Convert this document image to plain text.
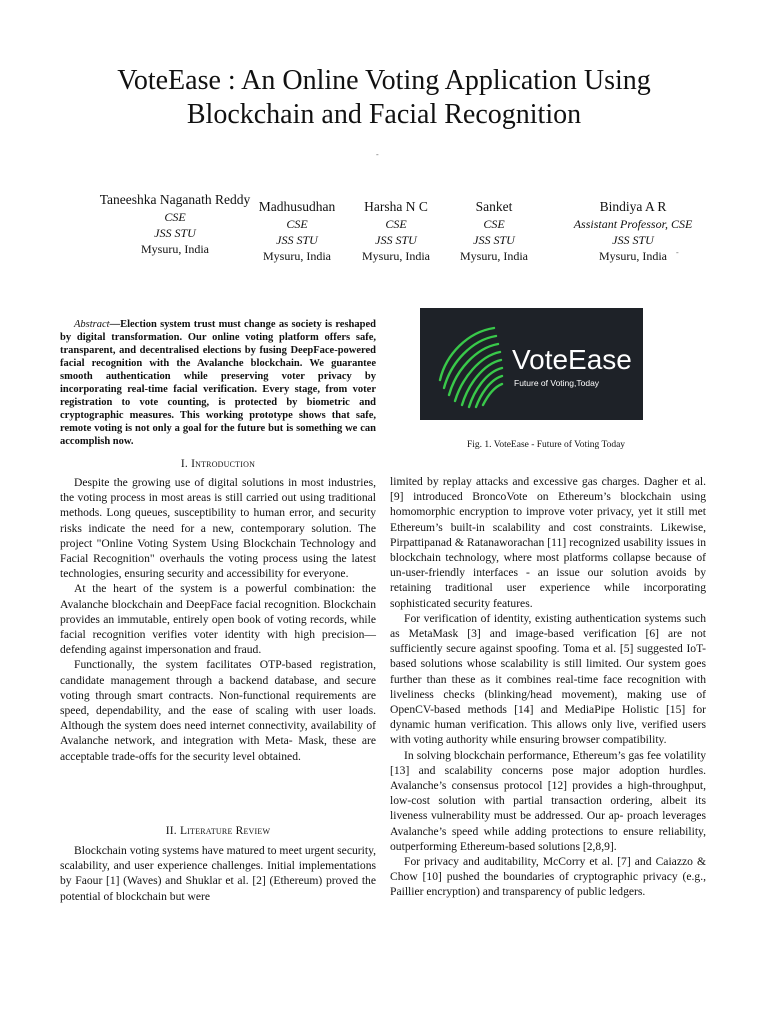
VoteEase : An Online Voting Application Using
Blockchain and Facial Recognition
-
Taneeshka Naganath Reddy
CSE
JSS STU
Mysuru, India
Madhusudhan
CSE
JSS STU
Mysuru, India
Harsha N C
CSE
JSS STU
Mysuru, India
Sanket
CSE
JSS STU
Mysuru, India
Bindiya A R
Assistant Professor, CSE
JSS STU
Mysuru, India	-

Abstract—Election system trust must change as society is reshaped by digital transformation. Our online voting platform offers safe, transparent, and decentralised elections by fusing DeepFace-powered facial recognition with the Avalanche blockchain. We guarantee smooth authentication while preserving voter privacy by incorporating real-time facial verification. Every stage, from voter registration to vote counting, is protected by biometric and cryptographic measures. This working prototype shows that safe, remote voting is not only a goal for the future but is something we can accomplish now.

VoteEase
Future of Voting,Today

Fig. 1. VoteEase - Future of Voting Today

I. Introduction

Despite the growing use of digital solutions in most industries, the voting process in most areas is still carried out using traditional methods. Long queues, susceptibility to human error, and security risks indicate the need for a new, contemporary solution. The project "Online Voting System Using Blockchain Technology and Facial Recognition" overhauls the voting process using the latest technologies, ensuring security and accessibility for everyone.

At the heart of the system is a powerful combination: the Avalanche blockchain and DeepFace facial recognition. Blockchain provides an immutable, entirely open book of voting records, while facial recognition verifies voter identity with high precision—defending against impersonation and fraud.

Functionally, the system facilitates OTP-based registration, candidate management through a backend database, and secure voting through smart contracts. Non-functional requirements are speed, dependability, and the ease of scaling with user loads. Although the system does need internet connectivity, availability of Avalanche network, and integration with Meta- Mask, these are acceptable trade-offs for the security level obtained.

II. Literature Review

Blockchain voting systems have matured to meet urgent security, scalability, and user experience challenges. Initial implementations by Faour [1] (Waves) and Shuklar et al. [2] (Ethereum) proved the potential of blockchain but were

limited by replay attacks and excessive gas charges. Dagher et al. [9] introduced BroncoVote on Ethereum’s blockchain using homomorphic encryption to improve voter privacy, yet it still met Ethereum’s built-in scalability and cost constraints. Likewise, Pirpattipanad & Ratanaworachan [11] recognized usability issues in blockchain technology, where most platforms collapse because of un-user-friendly interfaces - an issue our solution avoids by retaining traditional user experience while incorporating sophisticated security features.

For verification of identity, existing authentication systems such as MetaMask [3] and image-based verification [6] are not sufficiently secure against spoofing. Toma et al. [5] suggested IoT-based solutions whose scalability is still limited. Our system goes further than these as it combines real-time face recognition with liveliness checks (blinking/head movement), making use of OpenCV-based methods [14] and MediaPipe Holistic [15] for dynamic human verification. This allows only live, verified users with voting authority while ensuring browser compatibility.

In solving blockchain performance, Ethereum’s gas fee volatility [13] and scalability concerns pose major adoption hurdles. Avalanche’s consensus protocol [12] provides a high-throughput, low-cost solution with partial transaction ordering, albeit its liveness vulnerability must be addressed. Our ap- proach leverages Avalanche’s speed while adding protections to ensure reliability, outperforming Ethereum-based solutions [2,8,9].

For privacy and auditability, McCorry et al. [7] and Caiazzo & Chow [10] pushed the boundaries of cryptographic privacy (e.g., Paillier encryption) and transparency of public ledgers.
